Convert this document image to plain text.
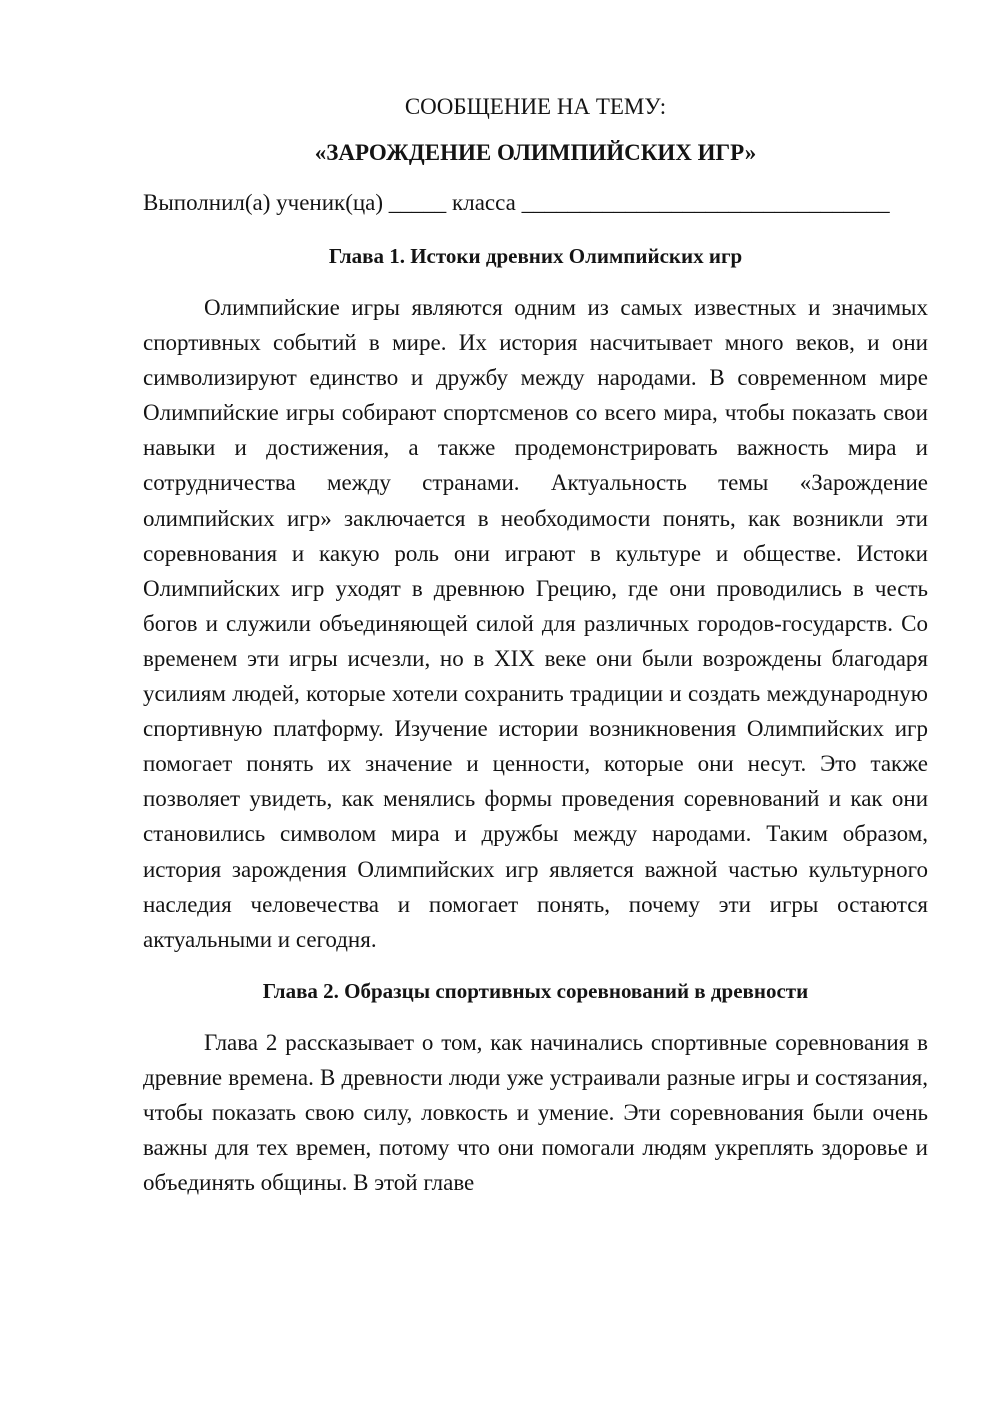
СООБЩЕНИЕ НА ТЕМУ:

«ЗАРОЖДЕНИЕ ОЛИМПИЙСКИХ ИГР»

Выполнил(а) ученик(ца) _____ класса ________________________________

Глава 1. Истоки древних Олимпийских игр

Олимпийские игры являются одним из самых известных и значимых спортивных событий в мире. Их история насчитывает много веков, и они символизируют единство и дружбу между народами. В современном мире Олимпийские игры собирают спортсменов со всего мира, чтобы показать свои навыки и достижения, а также продемонстрировать важность мира и сотрудничества между странами. Актуальность темы «Зарождение олимпийских игр» заключается в необходимости понять, как возникли эти соревнования и какую роль они играют в культуре и обществе. Истоки Олимпийских игр уходят в древнюю Грецию, где они проводились в честь богов и служили объединяющей силой для различных городов-государств. Со временем эти игры исчезли, но в XIX веке они были возрождены благодаря усилиям людей, которые хотели сохранить традиции и создать международную спортивную платформу. Изучение истории возникновения Олимпийских игр помогает понять их значение и ценности, которые они несут. Это также позволяет увидеть, как менялись формы проведения соревнований и как они становились символом мира и дружбы между народами. Таким образом, история зарождения Олимпийских игр является важной частью культурного наследия человечества и помогает понять, почему эти игры остаются актуальными и сегодня.

Глава 2. Образцы спортивных соревнований в древности

Глава 2 рассказывает о том, как начинались спортивные соревнования в древние времена. В древности люди уже устраивали разные игры и состязания, чтобы показать свою силу, ловкость и умение. Эти соревнования были очень важны для тех времен, потому что они помогали людям укреплять здоровье и объединять общины. В этой главе
